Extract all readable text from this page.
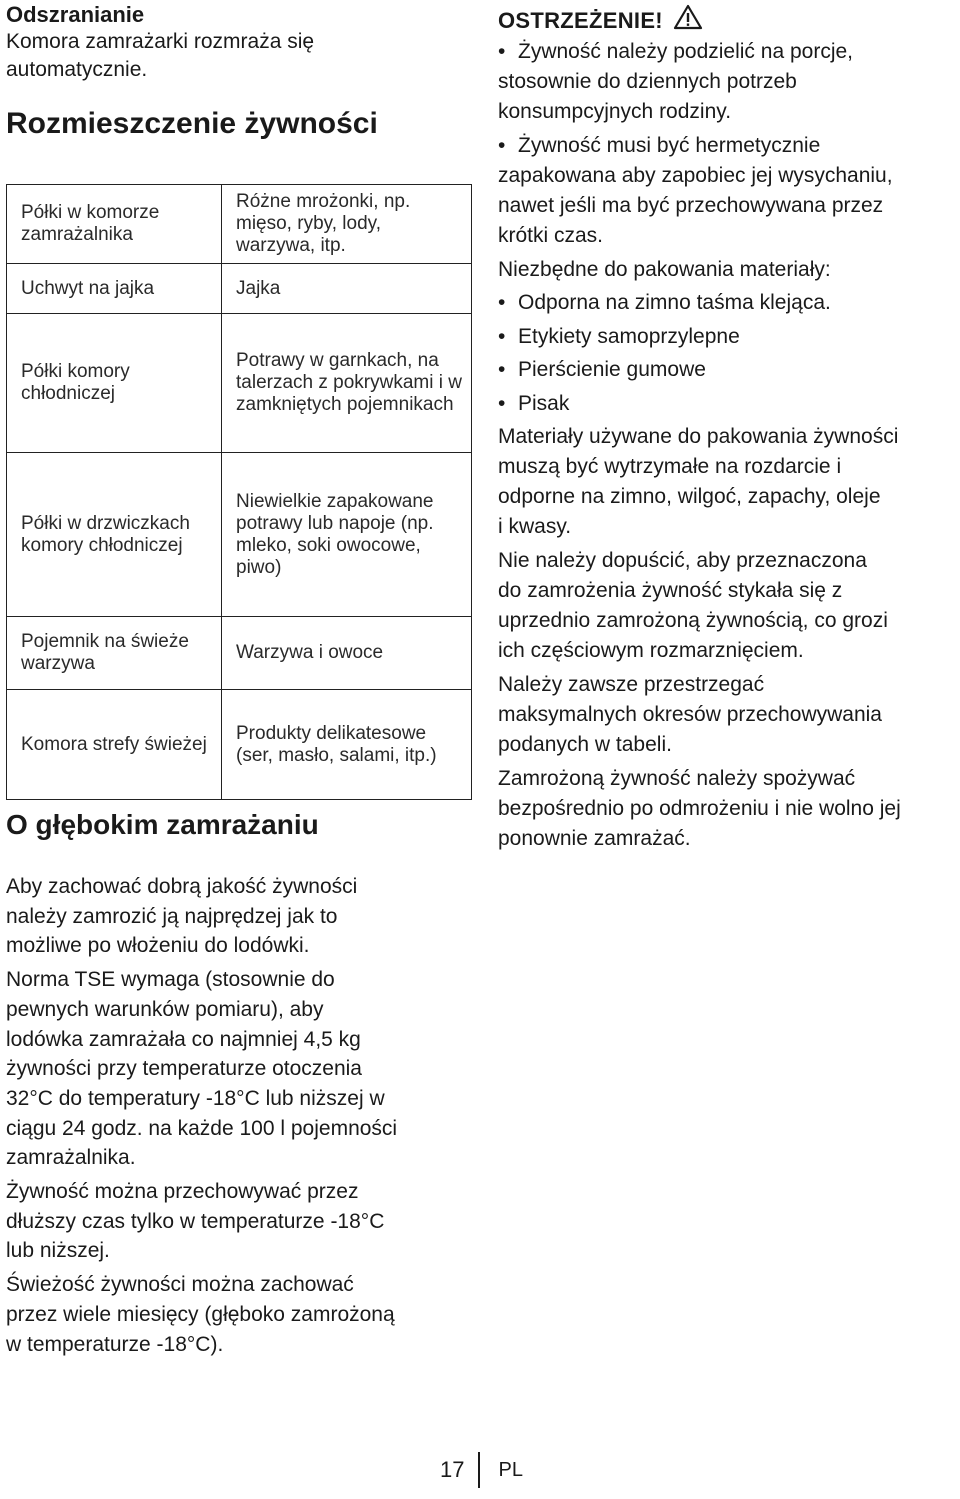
Odszranianie
Komora zamrażarki rozmraża się
automatycznie.
Rozmieszczenie żywności
Półki w komorze zamrażalnika	Różne mrożonki, np. mięso, ryby, lody, warzywa, itp.
Uchwyt na jajka	Jajka
Półki komory chłodniczej	Potrawy w garnkach, na talerzach z pokrywkami i w zamkniętych pojemnikach
Półki w drzwiczkach komory chłodniczej	Niewielkie zapakowane potrawy lub napoje (np. mleko, soki owocowe, piwo)
Pojemnik na świeże warzywa	Warzywa i owoce
Komora strefy świeżej	Produkty delikatesowe (ser, masło, salami, itp.)
O głębokim zamrażaniu
Aby zachować dobrą jakość żywności
należy zamrozić ją najprędzej jak to
możliwe po włożeniu do lodówki.
Norma TSE wymaga (stosownie do
pewnych warunków pomiaru), aby
lodówka zamrażała co najmniej 4,5 kg
żywności przy temperaturze otoczenia
32°C do temperatury -18°C lub niższej w
ciągu 24 godz. na każde 100 l pojemności
zamrażalnika.
Żywność można przechowywać przez
dłuższy czas tylko w temperaturze -18°C
lub niższej.
Świeżość żywności można zachować
przez wiele miesięcy (głęboko zamrożoną
w temperaturze -18°C).
OSTRZEŻENIE!
• Żywność należy podzielić na porcje,
stosownie do dziennych potrzeb
konsumpcyjnych rodziny.
• Żywność musi być hermetycznie
zapakowana aby zapobiec jej wysychaniu,
nawet jeśli ma być przechowywana przez
krótki czas.
Niezbędne do pakowania materiały:
• Odporna na zimno taśma klejąca.
• Etykiety samoprzylepne
• Pierścienie gumowe
• Pisak
Materiały używane do pakowania żywności
muszą być wytrzymałe na rozdarcie i
odporne na zimno, wilgoć, zapachy, oleje
i kwasy.
Nie należy dopuścić, aby przeznaczona
do zamrożenia żywność stykała się z
uprzednio zamrożoną żywnością, co grozi
ich częściowym rozmarznięciem.
Należy zawsze przestrzegać
maksymalnych okresów przechowywania
podanych w tabeli.
Zamrożoną żywność należy spożywać
bezpośrednio po odmrożeniu i nie wolno jej
ponownie zamrażać.
17 PL
